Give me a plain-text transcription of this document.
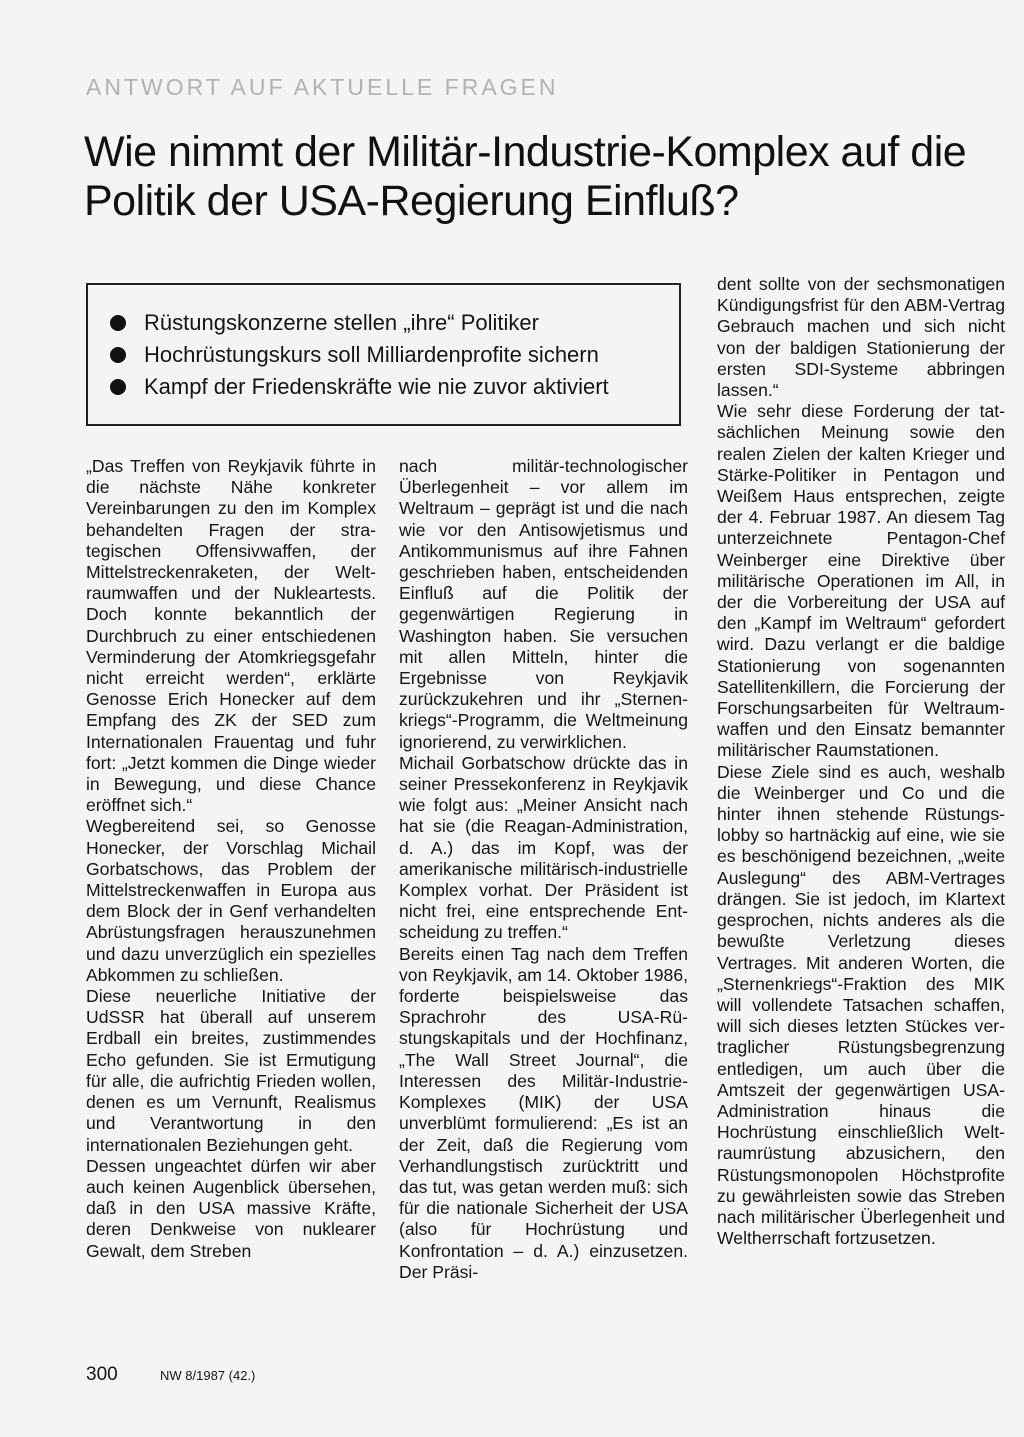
ANTWORT AUF AKTUELLE FRAGEN
Wie nimmt der Militär-Industrie-Komplex auf die Politik der USA-Regierung Einfluß?
Rüstungskonzerne stellen „ihre“ Politiker
Hochrüstungskurs soll Milliardenprofite sichern
Kampf der Friedenskräfte wie nie zuvor aktiviert

„Das Treffen von Reykjavik führte in die nächste Nähe konkreter Vereinbarungen zu den im Komplex behandelten Fragen der strategischen Offensivwaffen, der Mittelstreckenraketen, der Weltraumwaffen und der Nukleartests. Doch konnte bekanntlich der Durchbruch zu einer entschiedenen Verminderung der Atomkriegsgefahr nicht erreicht werden“, erklärte Genosse Erich Honecker auf dem Empfang des ZK der SED zum Internationalen Frauentag und fuhr fort: „Jetzt kommen die Dinge wieder in Bewegung, und diese Chance eröffnet sich.“

Wegbereitend sei, so Genosse Honecker, der Vorschlag Michail Gorbatschows, das Problem der Mittelstreckenwaffen in Europa aus dem Block der in Genf verhandelten Abrüstungsfragen herauszunehmen und dazu unverzüglich ein spezielles Abkommen zu schließen.

Diese neuerliche Initiative der UdSSR hat überall auf unserem Erdball ein breites, zustimmendes Echo gefunden. Sie ist Ermutigung für alle, die aufrichtig Frieden wollen, denen es um Vernunft, Realismus und Verantwortung in den internationalen Beziehungen geht.

Dessen ungeachtet dürfen wir aber auch keinen Augenblick übersehen, daß in den USA massive Kräfte, deren Denkweise von nuklearer Gewalt, dem Streben

nach militär-technologischer Überlegenheit – vor allem im Weltraum – geprägt ist und die nach wie vor den Antisowjetismus und Antikommunismus auf ihre Fahnen geschrieben haben, entscheidenden Einfluß auf die Politik der gegenwärtigen Regierung in Washington haben. Sie versuchen mit allen Mitteln, hinter die Ergebnisse von Reykjavik zurückzukehren und ihr „Sternenkriegs“-Programm, die Weltmeinung ignorierend, zu verwirklichen.

Michail Gorbatschow drückte das in seiner Pressekonferenz in Reykjavik wie folgt aus: „Meiner Ansicht nach hat sie (die Reagan-Administration, d. A.) das im Kopf, was der amerikanische militärisch-industrielle Komplex vorhat. Der Präsident ist nicht frei, eine entsprechende Entscheidung zu treffen.“

Bereits einen Tag nach dem Treffen von Reykjavik, am 14. Oktober 1986, forderte beispielsweise das Sprachrohr des USA-Rüstungskapitals und der Hochfinanz, „The Wall Street Journal“, die Interessen des Militär-Industrie-Komplexes (MIK) der USA unverblümt formulierend: „Es ist an der Zeit, daß die Regierung vom Verhandlungstisch zurücktritt und das tut, was getan werden muß: sich für die nationale Sicherheit der USA (also für Hochrüstung und Konfrontation – d. A.) einzusetzen. Der Präsi-

dent sollte von der sechsmonatigen Kündigungsfrist für den ABM-Vertrag Gebrauch machen und sich nicht von der baldigen Stationierung der ersten SDI-Systeme abbringen lassen.“

Wie sehr diese Forderung der tatsächlichen Meinung sowie den realen Zielen der kalten Krieger und Stärke-Politiker in Pentagon und Weißem Haus entsprechen, zeigte der 4. Februar 1987. An diesem Tag unterzeichnete Pentagon-Chef Weinberger eine Direktive über militärische Operationen im All, in der die Vorbereitung der USA auf den „Kampf im Weltraum“ gefordert wird. Dazu verlangt er die baldige Stationierung von sogenannten Satellitenkillern, die Forcierung der Forschungsarbeiten für Weltraumwaffen und den Einsatz bemannter militärischer Raumstationen.

Diese Ziele sind es auch, weshalb die Weinberger und Co und die hinter ihnen stehende Rüstungslobby so hartnäckig auf eine, wie sie es beschönigend bezeichnen, „weite Auslegung“ des ABM-Vertrages drängen. Sie ist jedoch, im Klartext gesprochen, nichts anderes als die bewußte Verletzung dieses Vertrages. Mit anderen Worten, die „Sternenkriegs“-Fraktion des MIK will vollendete Tatsachen schaffen, will sich dieses letzten Stückes vertraglicher Rüstungsbegrenzung entledigen, um auch über die Amtszeit der gegenwärtigen USA-Administration hinaus die Hochrüstung einschließlich Weltraumrüstung abzusichern, den Rüstungsmonopolen Höchstprofite zu gewährleisten sowie das Streben nach militärischer Überlegenheit und Weltherrschaft fortzusetzen.

300	NW 8/1987 (42.)
